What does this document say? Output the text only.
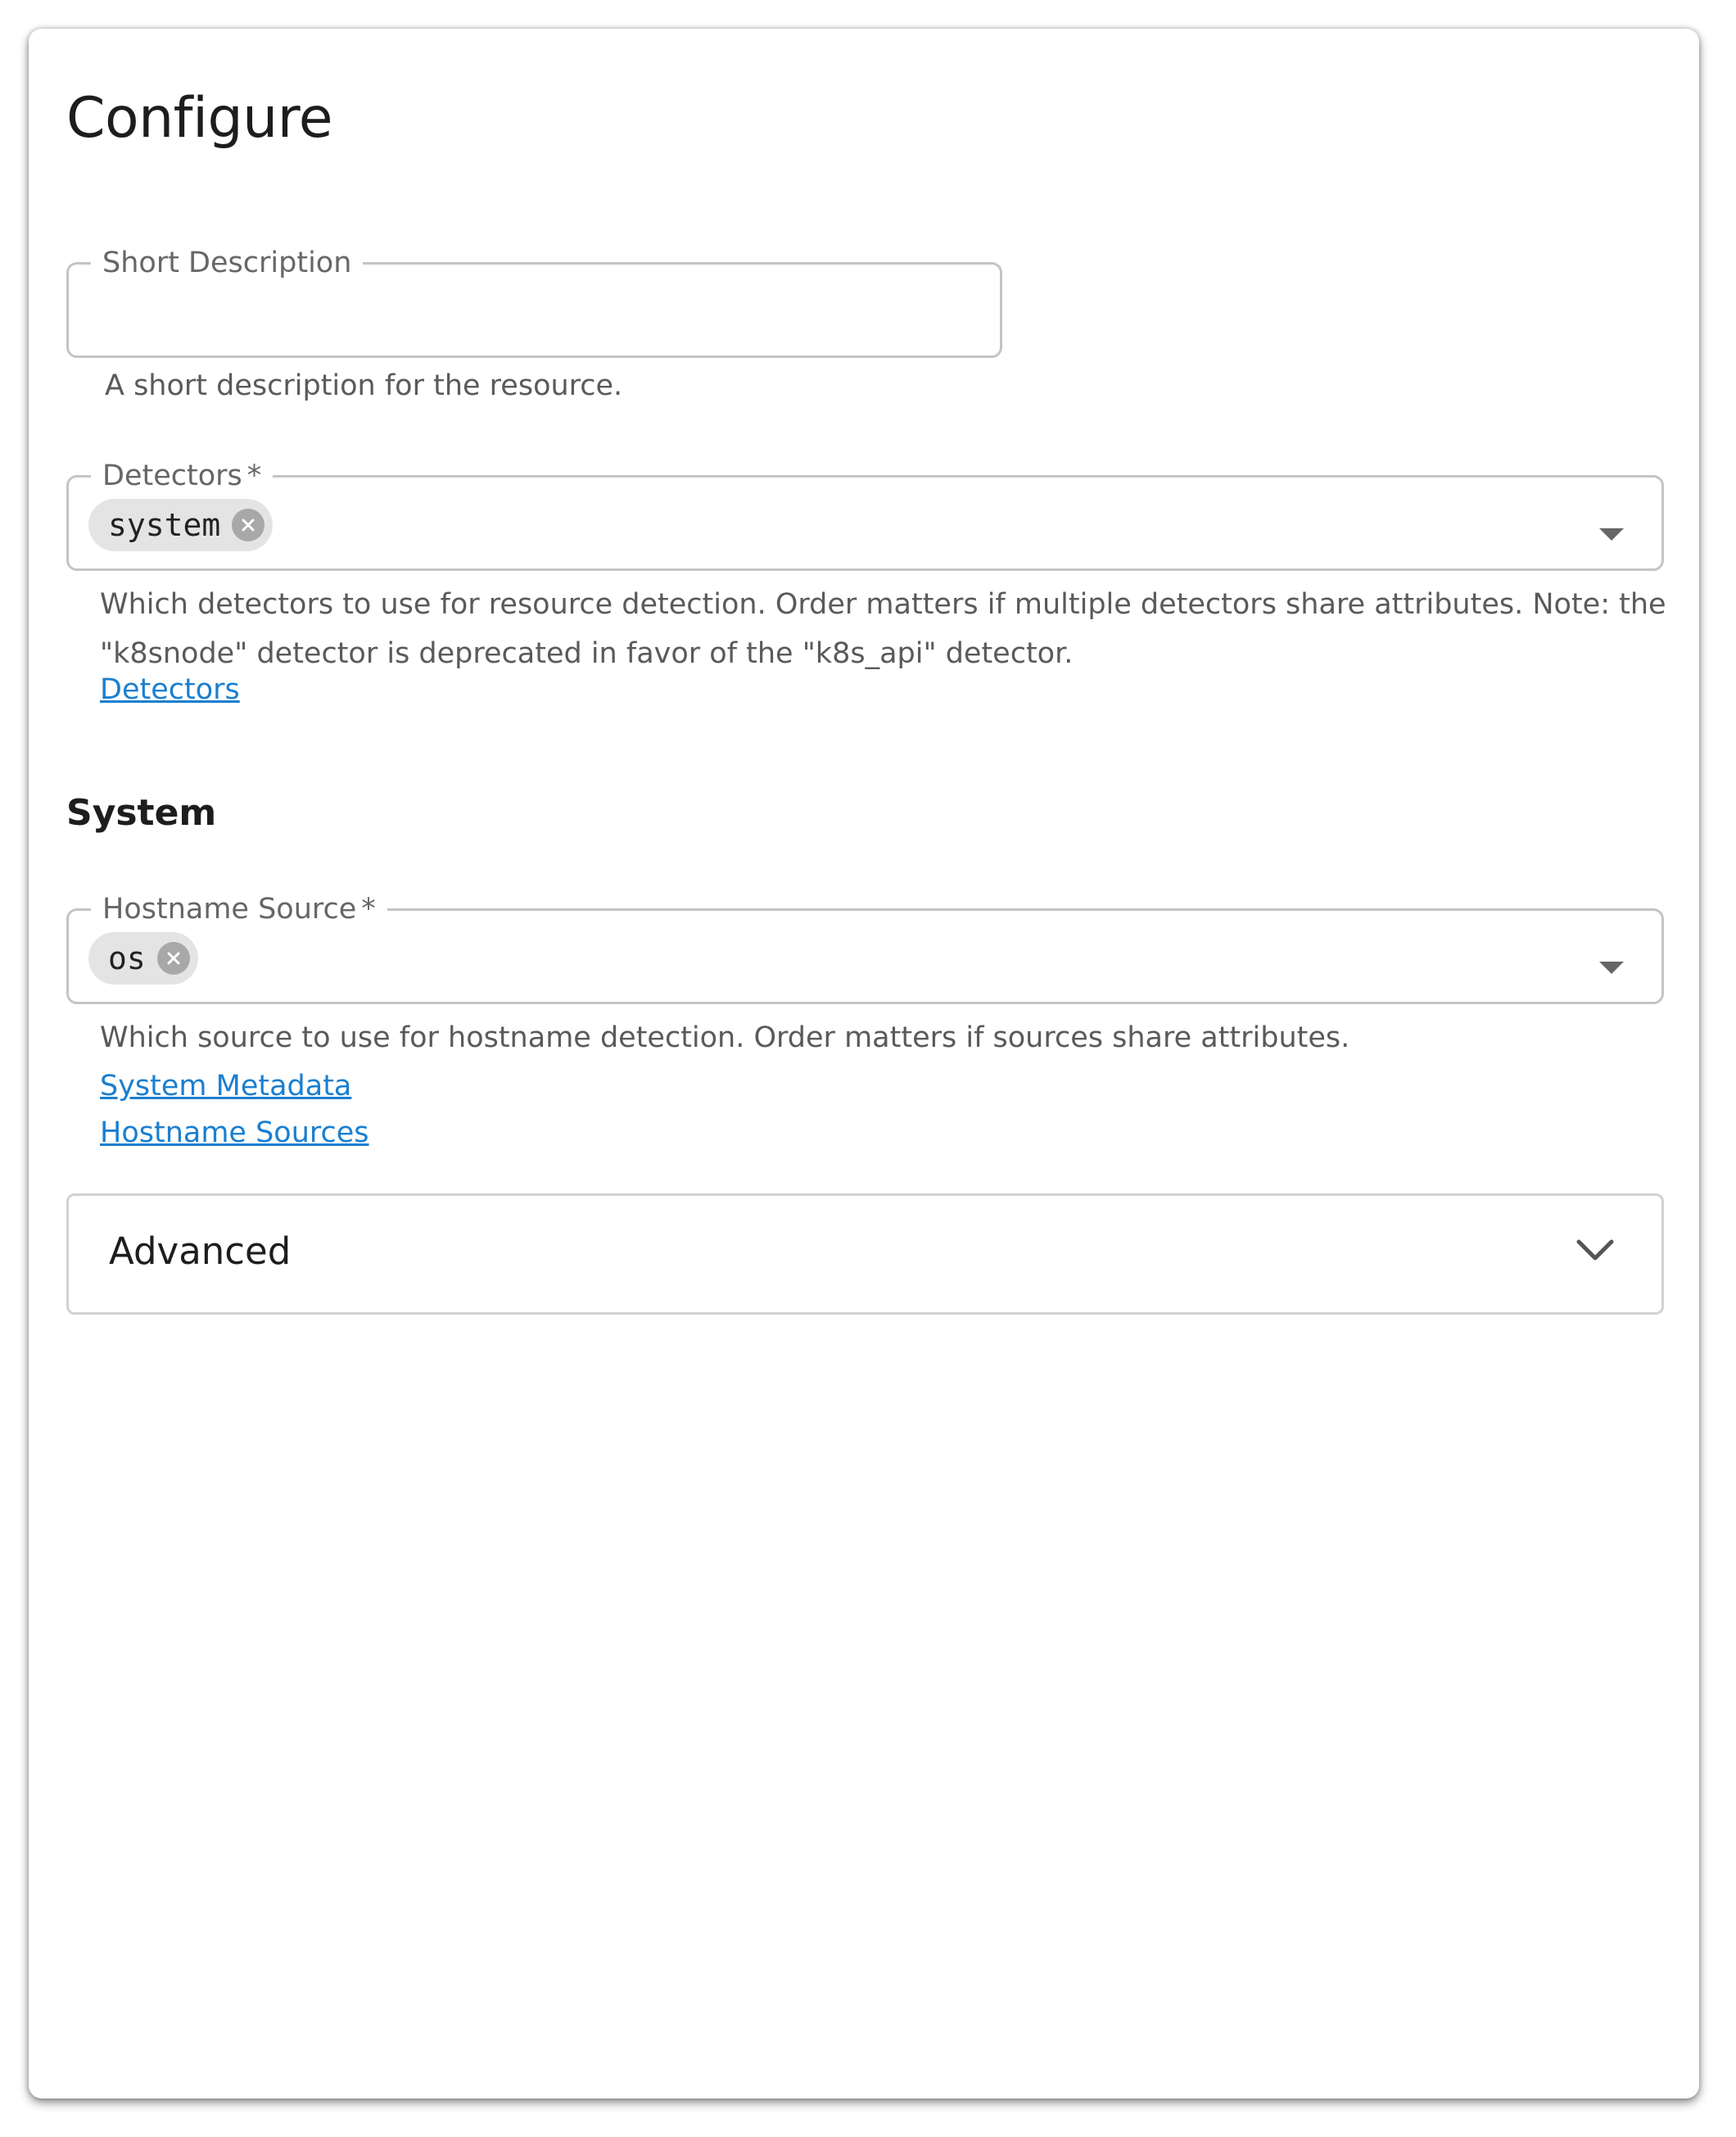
Configure
Short Description
A short description for the resource.
Detectors *
system
Which detectors to use for resource detection. Order matters if multiple detectors share attributes. Note: the
"k8snode" detector is deprecated in favor of the "k8s_api" detector.
Detectors
System
Hostname Source *
os
Which source to use for hostname detection. Order matters if sources share attributes.
System Metadata
Hostname Sources
Advanced
